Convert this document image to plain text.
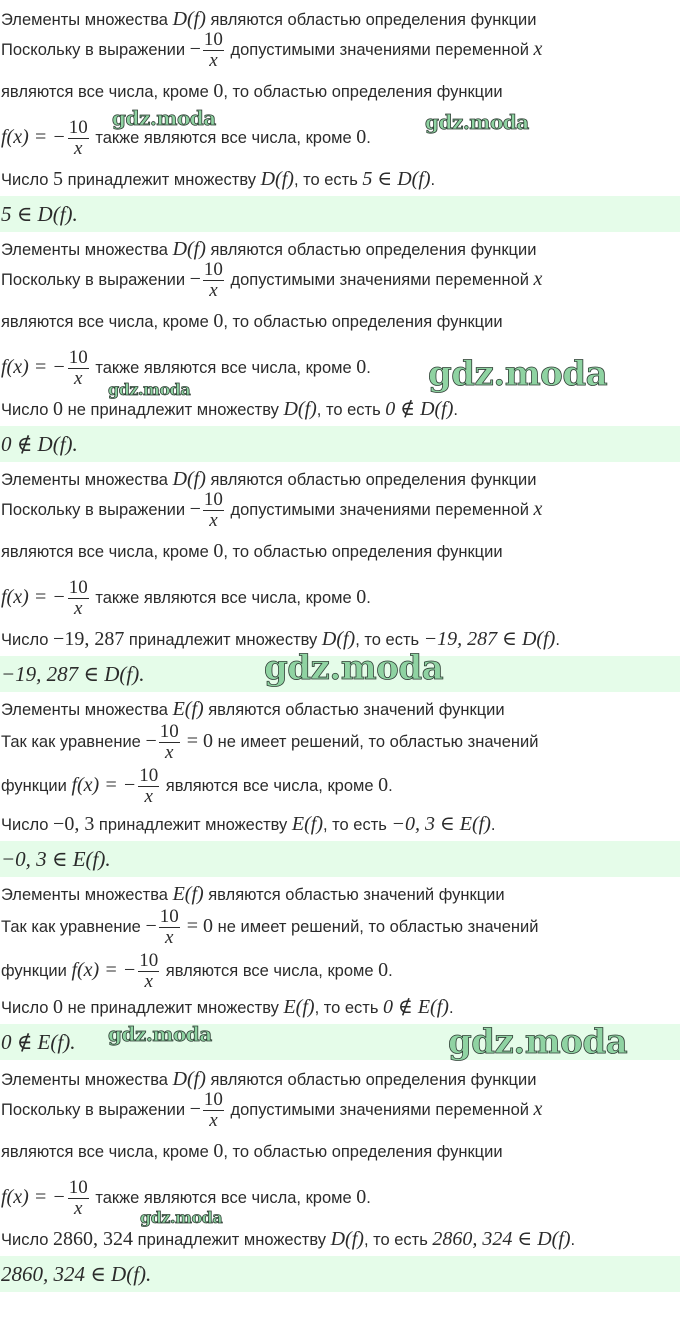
Элементы множества D(f) являются областью определения функции
Поскольку в выражении − $\frac{10}{x}$ допустимыми значениями переменной x
являются все числа, кроме 0, то областью определения функции
f(x) = − $\frac{10}{x}$ также являются все числа, кроме 0.
Число 5 принадлежит множеству D(f), то есть 5 ∈ D(f).
5 ∈ D(f).
Элементы множества D(f) являются областью определения функции
Поскольку в выражении − $\frac{10}{x}$ допустимыми значениями переменной x
являются все числа, кроме 0, то областью определения функции
f(x) = − $\frac{10}{x}$ также являются все числа, кроме 0.
Число 0 не принадлежит множеству D(f), то есть 0 ∉ D(f).
0 ∉ D(f).
Элементы множества D(f) являются областью определения функции
Поскольку в выражении − $\frac{10}{x}$ допустимыми значениями переменной x
являются все числа, кроме 0, то областью определения функции
f(x) = − $\frac{10}{x}$ также являются все числа, кроме 0.
Число −19, 287 принадлежит множеству D(f), то есть −19, 287 ∈ D(f).
−19, 287 ∈ D(f).
Элементы множества E(f) являются областью значений функции
Так как уравнение − $\frac{10}{x} = 0$ не имеет решений, то областью значений
функции f(x) = − $\frac{10}{x}$ являются все числа, кроме 0.
Число −0, 3 принадлежит множеству E(f), то есть −0, 3 ∈ E(f).
−0, 3 ∈ E(f).
Элементы множества E(f) являются областью значений функции
Так как уравнение − $\frac{10}{x} = 0$ не имеет решений, то областью значений
функции f(x) = − $\frac{10}{x}$ являются все числа, кроме 0.
Число 0 не принадлежит множеству E(f), то есть 0 ∉ E(f).
0 ∉ E(f).
Элементы множества D(f) являются областью определения функции
Поскольку в выражении − $\frac{10}{x}$ допустимыми значениями переменной x
являются все числа, кроме 0, то областью определения функции
f(x) = − $\frac{10}{x}$ также являются все числа, кроме 0.
Число 2860, 324 принадлежит множеству D(f), то есть 2860, 324 ∈ D(f).
2860, 324 ∈ D(f).
gdz.moda	gdz.moda
gdz.moda
gdz.moda
gdz.moda
gdz.moda	gdz.moda
gdz.moda
